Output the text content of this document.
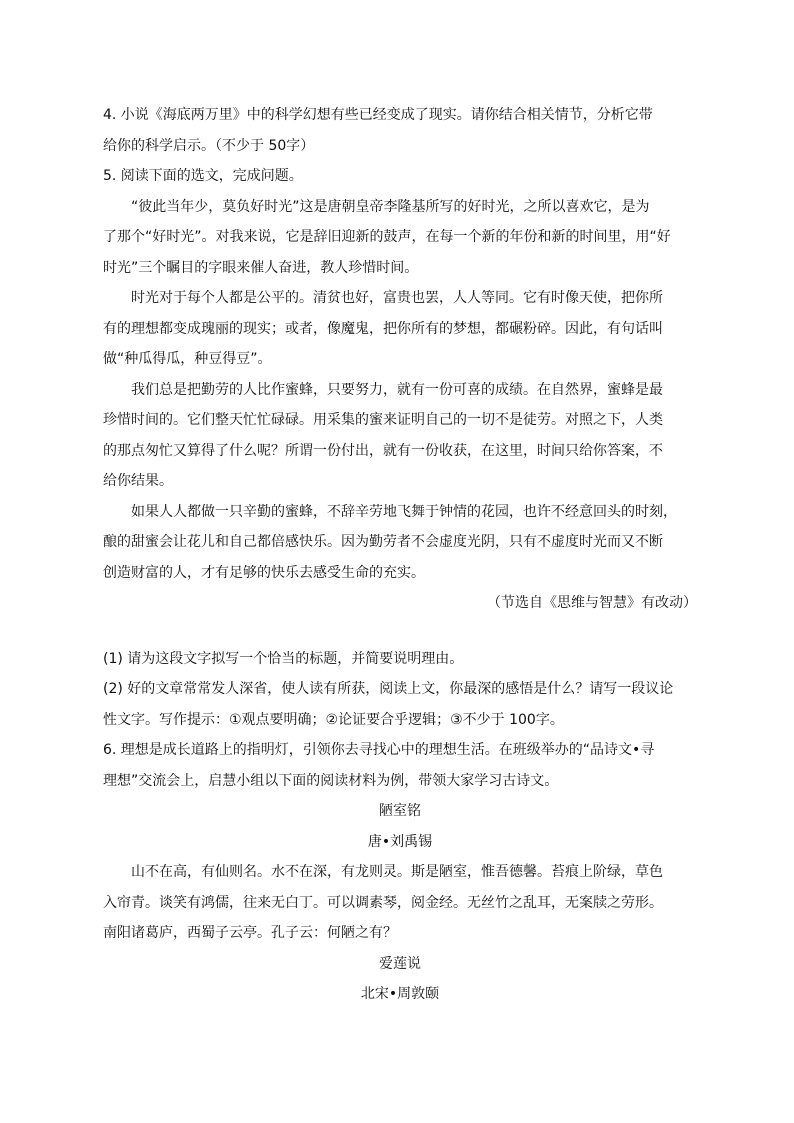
4. 小说《海底两万里》中的科学幻想有些已经变成了现实。请你结合相关情节，分析它带

给你的科学启示。（不少于 50字）

5. 阅读下面的选文，完成问题。

“彼此当年少，莫负好时光”这是唐朝皇帝李隆基所写的好时光，之所以喜欢它，是为

了那个“好时光”。对我来说，它是辞旧迎新的鼓声，在每一个新的年份和新的时间里，用“好

时光”三个瞩目的字眼来催人奋进，教人珍惜时间。

时光对于每个人都是公平的。清贫也好，富贵也罢，人人等同。它有时像天使，把你所

有的理想都变成瑰丽的现实；或者，像魔鬼，把你所有的梦想，都碾粉碎。因此，有句话叫

做“种瓜得瓜，种豆得豆”。

我们总是把勤劳的人比作蜜蜂，只要努力，就有一份可喜的成绩。在自然界，蜜蜂是最

珍惜时间的。它们整天忙忙碌碌。用采集的蜜来证明自己的一切不是徒劳。对照之下，人类

的那点匆忙又算得了什么呢？所谓一份付出，就有一份收获，在这里，时间只给你答案，不

给你结果。

如果人人都做一只辛勤的蜜蜂，不辞辛劳地飞舞于钟情的花园，也许不经意回头的时刻，

酿的甜蜜会让花儿和自己都倍感快乐。因为勤劳者不会虚度光阴，只有不虚度时光而又不断

创造财富的人，才有足够的快乐去感受生命的充实。

（节选自《思维与智慧》有改动）

(1) 请为这段文字拟写一个恰当的标题，并简要说明理由。

(2) 好的文章常常发人深省，使人读有所获，阅读上文，你最深的感悟是什么？请写一段议论

性文字。写作提示：①观点要明确；②论证要合乎逻辑；③不少于 100字。

6. 理想是成长道路上的指明灯，引领你去寻找心中的理想生活。在班级举办的“品诗文•寻

理想”交流会上，启慧小组以下面的阅读材料为例，带领大家学习古诗文。

陋室铭

唐•刘禹锡

山不在高，有仙则名。水不在深，有龙则灵。斯是陋室，惟吾德馨。苔痕上阶绿，草色

入帘青。谈笑有鸿儒，往来无白丁。可以调素琴，阅金经。无丝竹之乱耳，无案牍之劳形。

南阳诸葛庐，西蜀子云亭。孔子云：何陋之有？

爱莲说

北宋•周敦颐
